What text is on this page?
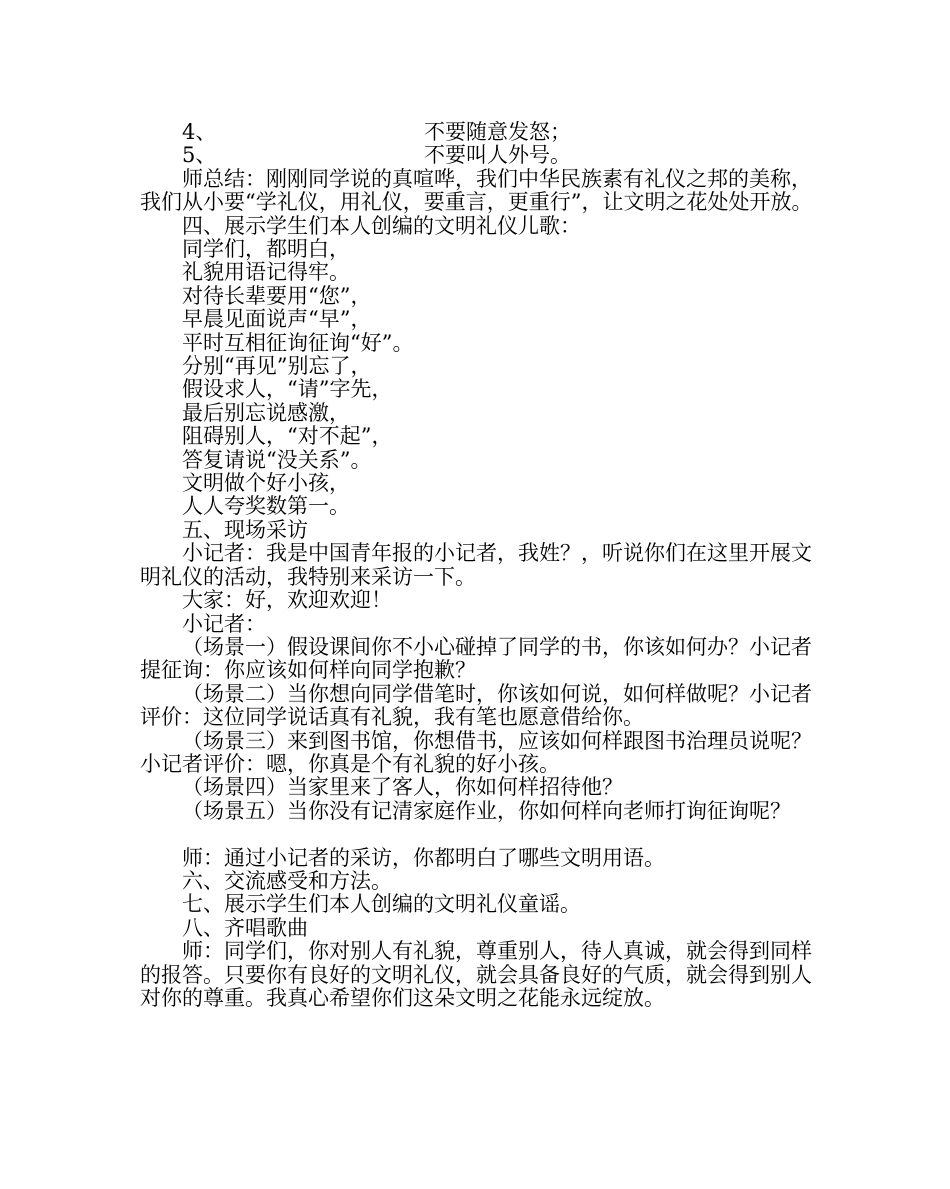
4、	不要随意发怒；
5、	不要叫人外号。

师总结：刚刚同学说的真喧哗，我们中华民族素有礼仪之邦的美称，我们从小要“学礼仪，用礼仪，要重言，更重行”，让文明之花处处开放。

四、展示学生们本人创编的文明礼仪儿歌：

同学们，都明白，

礼貌用语记得牢。

对待长辈要用“您”，

早晨见面说声“早”，

平时互相征询征询“好”。

分别“再见”别忘了，

假设求人，“请”字先，

最后别忘说感激，

阻碍别人，“对不起”，

答复请说“没关系”。

文明做个好小孩，

人人夸奖数第一。

五、现场采访

小记者：我是中国青年报的小记者，我姓？，听说你们在这里开展文明礼仪的活动，我特别来采访一下。

大家：好，欢迎欢迎！

小记者：

（场景一）假设课间你不小心碰掉了同学的书，你该如何办？小记者提征询：你应该如何样向同学抱歉？

（场景二）当你想向同学借笔时，你该如何说，如何样做呢？小记者评价：这位同学说话真有礼貌，我有笔也愿意借给你。

（场景三）来到图书馆，你想借书，应该如何样跟图书治理员说呢？小记者评价：嗯，你真是个有礼貌的好小孩。

（场景四）当家里来了客人，你如何样招待他？

（场景五）当你没有记清家庭作业，你如何样向老师打询征询呢？

师：通过小记者的采访，你都明白了哪些文明用语。

六、交流感受和方法。

七、展示学生们本人创编的文明礼仪童谣。

八、齐唱歌曲

师：同学们，你对别人有礼貌，尊重别人，待人真诚，就会得到同样的报答。只要你有良好的文明礼仪，就会具备良好的气质，就会得到别人对你的尊重。我真心希望你们这朵文明之花能永远绽放。
